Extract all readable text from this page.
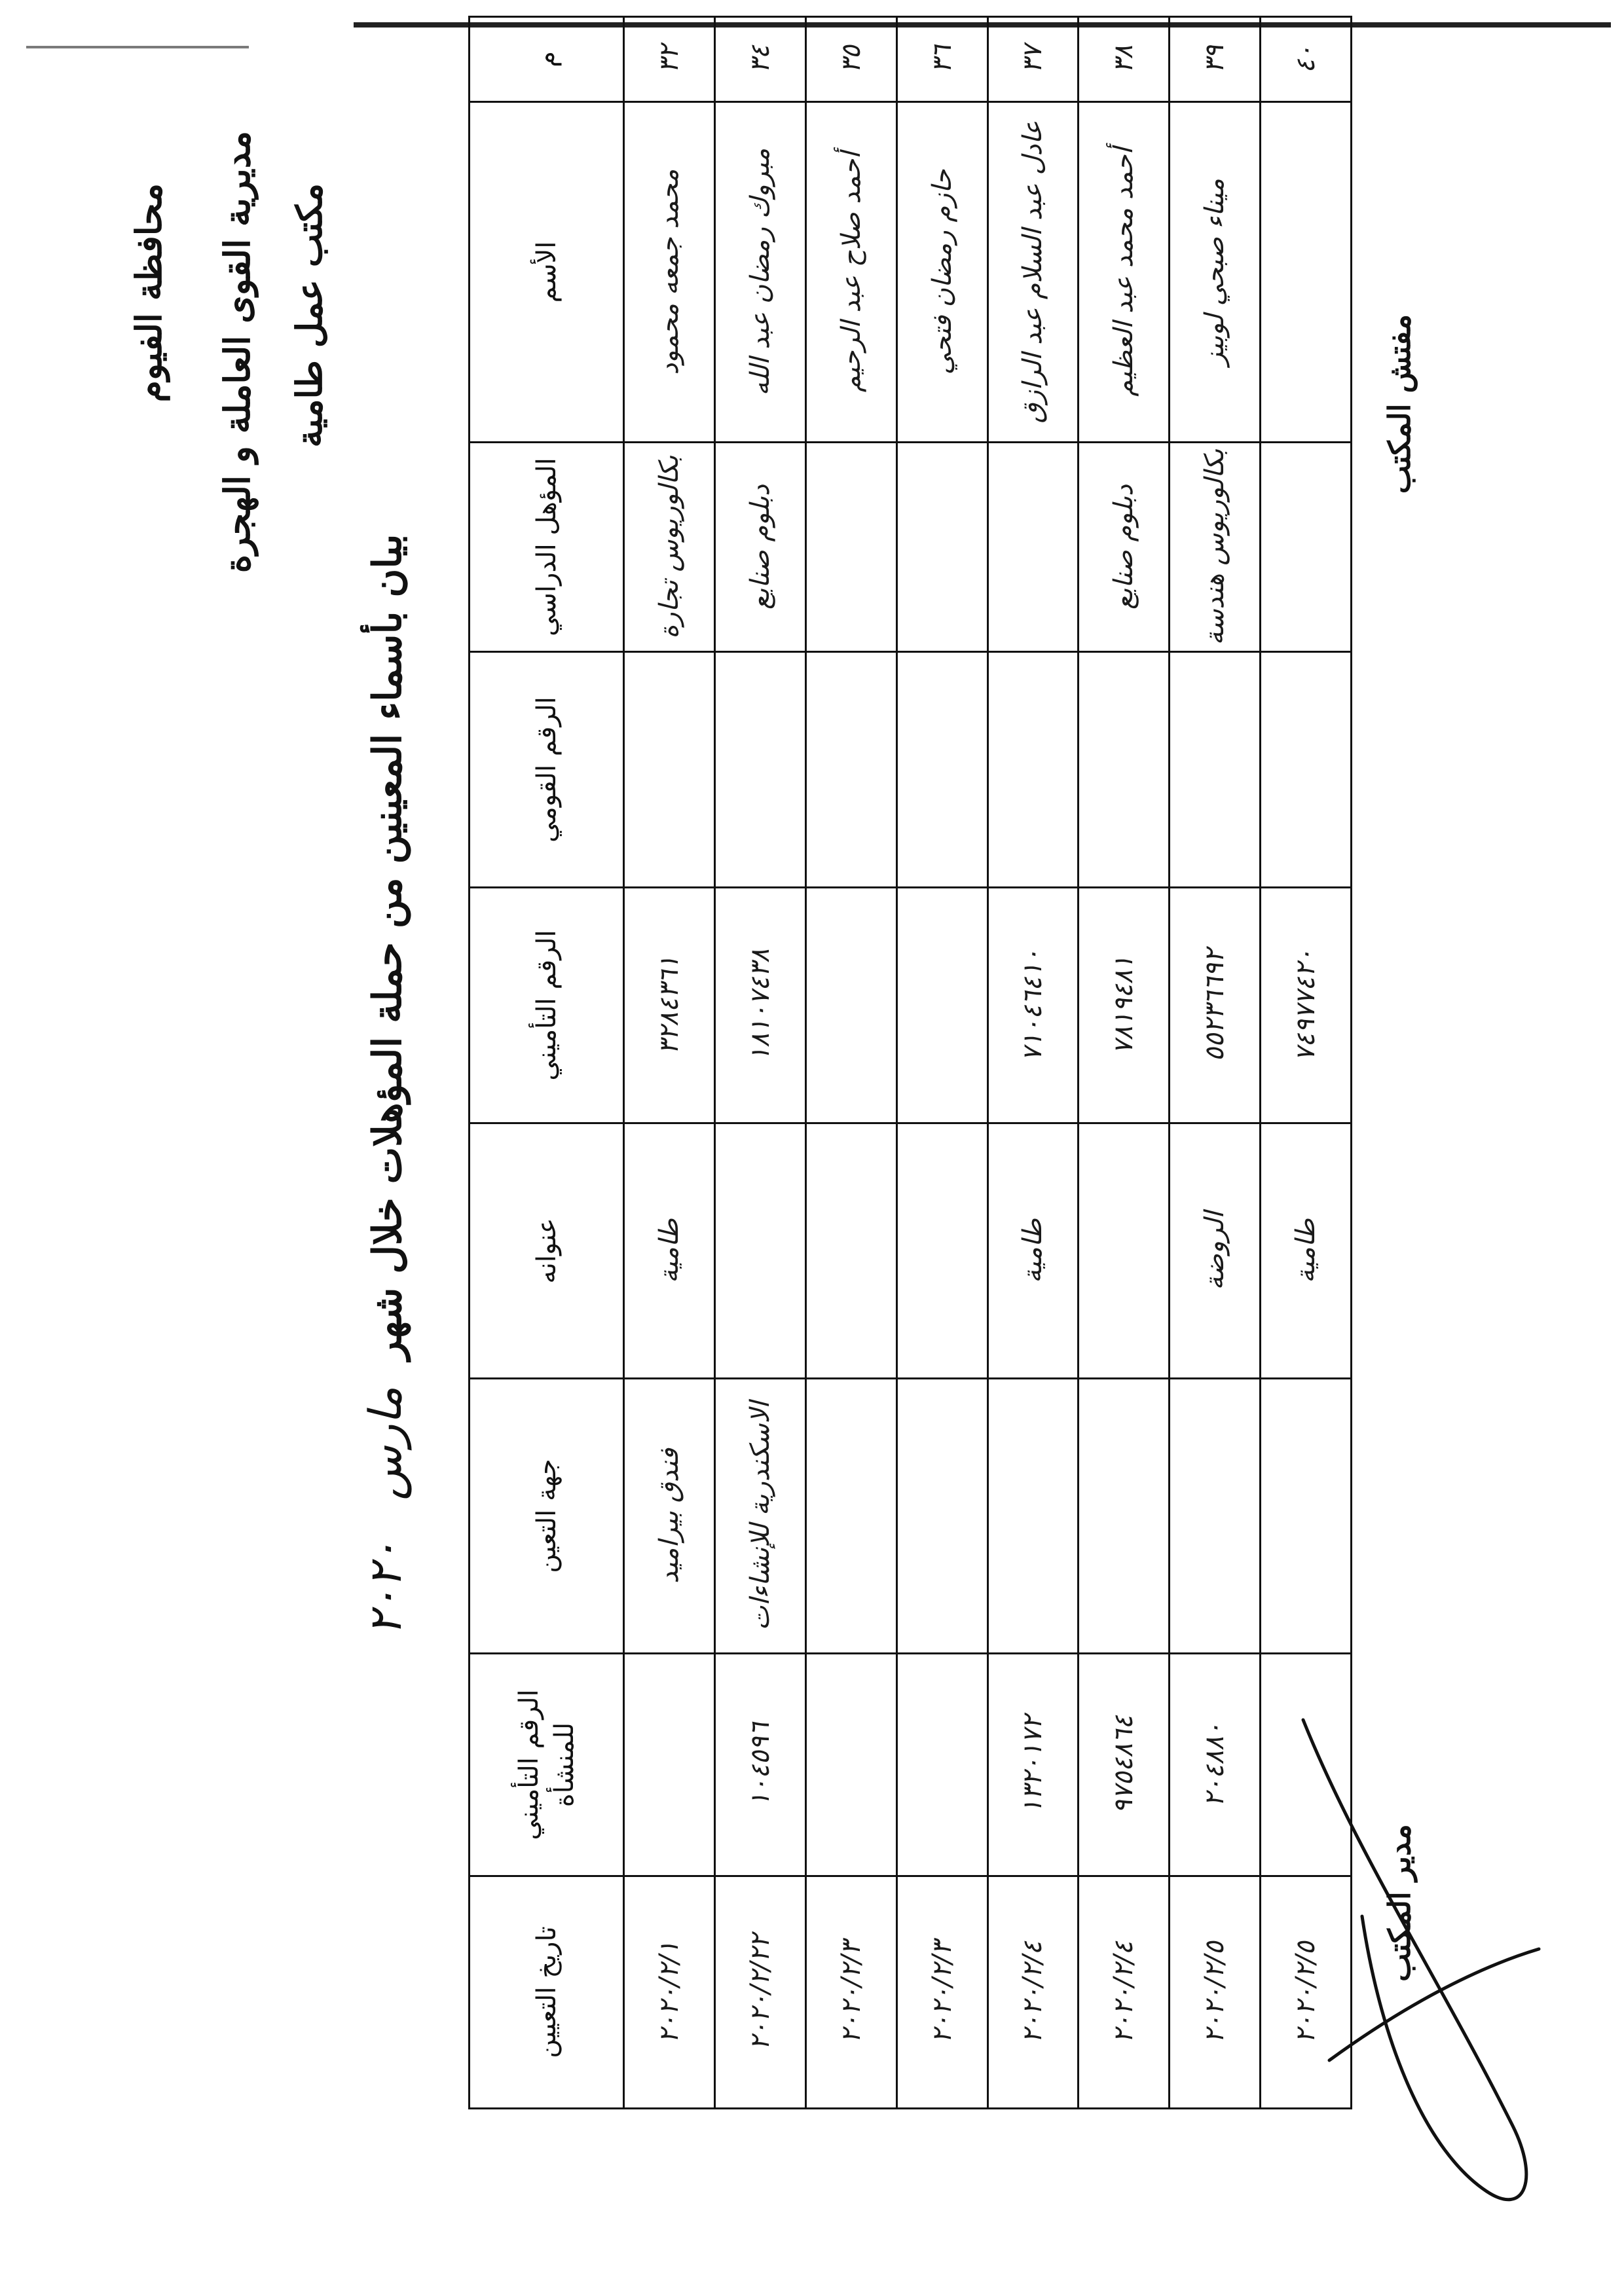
محافظة الفيوم مديرية القوى العاملة و الهجرة مكتب عمل طامية
بيان بأسماء المعينين من حملة المؤهلات خلال شهر مارس ٢٠٢٠
م	الأسم	المؤهل الدراسي	الرقم القومي	الرقم التأميني	عنوانه	جهة التعين	الرقم التأميني للمنشأة	تاريخ التعيين
٣٢	محمد جمعه محمود	بكالوريوس تجارة		٣٢٨٤٣٦١	طامية	فندق بيراميد		٢٠٢٠/٢/١
٣٤	مبروك رمضان عبد الله	دبلوم صنايع		١٨١٠٧٤٣٨		الاسكندرية للإنشاءات	١٠٤٥٩٦	٢٠٢٠/٢/٢٢
٣٥	أحمد صلاح عبد الرحيم							٢٠٢٠/٢/٣
٣٦	حازم رمضان فتحي							٢٠٢٠/٢/٣
٣٧	عادل عبد السلام عبد الرازق			٧١٠٤٦٤١٠	طامية		١٣٢٠١٧٢	٢٠٢٠/٢/٤
٣٨	أحمد محمد عبد العظيم	دبلوم صنايع		٧٨١٩٤٨١			٩٧٥٤٨٦٤	٢٠٢٠/٢/٤
٣٩	ميناء صبحي لوبيز	بكالوريوس هندسة		٥٥٢٣٦٦٩٢	الروضة		٢٠٤٨٨٠	٢٠٢٠/٢/٥
٤٠				٧٤٩٧٧٤٢٠	طامية			٢٠٢٠/٢/٥
مفتش المكتب
مدير المكتب
